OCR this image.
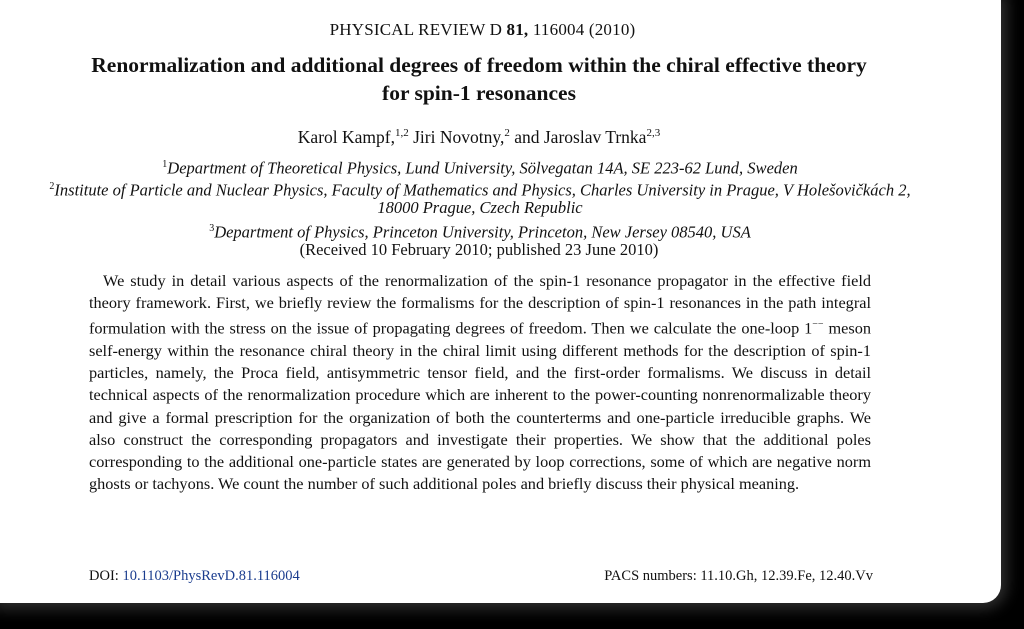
PHYSICAL REVIEW D 81, 116004 (2010)
Renormalization and additional degrees of freedom within the chiral effective theory
for spin-1 resonances
Karol Kampf,$^{1,2}$ Jiri Novotny,$^2$ and Jaroslav Trnka$^{2,3}$
$^1$Department of Theoretical Physics, Lund University, Sölvegatan 14A, SE 223-62 Lund, Sweden
$^2$Institute of Particle and Nuclear Physics, Faculty of Mathematics and Physics, Charles University in Prague, V Holešovičkách 2,
18000 Prague, Czech Republic
$^3$Department of Physics, Princeton University, Princeton, New Jersey 08540, USA
(Received 10 February 2010; published 23 June 2010)
We study in detail various aspects of the renormalization of the spin-1 resonance propagator in the effective field theory framework. First, we briefly review the formalisms for the description of spin-1 resonances in the path integral formulation with the stress on the issue of propagating degrees of freedom. Then we calculate the one-loop 1−− meson self-energy within the resonance chiral theory in the chiral limit using different methods for the description of spin-1 particles, namely, the Proca field, antisymmetric tensor field, and the first-order formalisms. We discuss in detail technical aspects of the renormalization procedure which are inherent to the power-counting nonrenormalizable theory and give a formal prescription for the organization of both the counterterms and one-particle irreducible graphs. We also construct the corresponding propagators and investigate their properties. We show that the additional poles corresponding to the additional one-particle states are generated by loop corrections, some of which are negative norm ghosts or tachyons. We count the number of such additional poles and briefly discuss their physical meaning.
DOI: 10.1103/PhysRevD.81.116004	PACS numbers: 11.10.Gh, 12.39.Fe, 12.40.Vv
